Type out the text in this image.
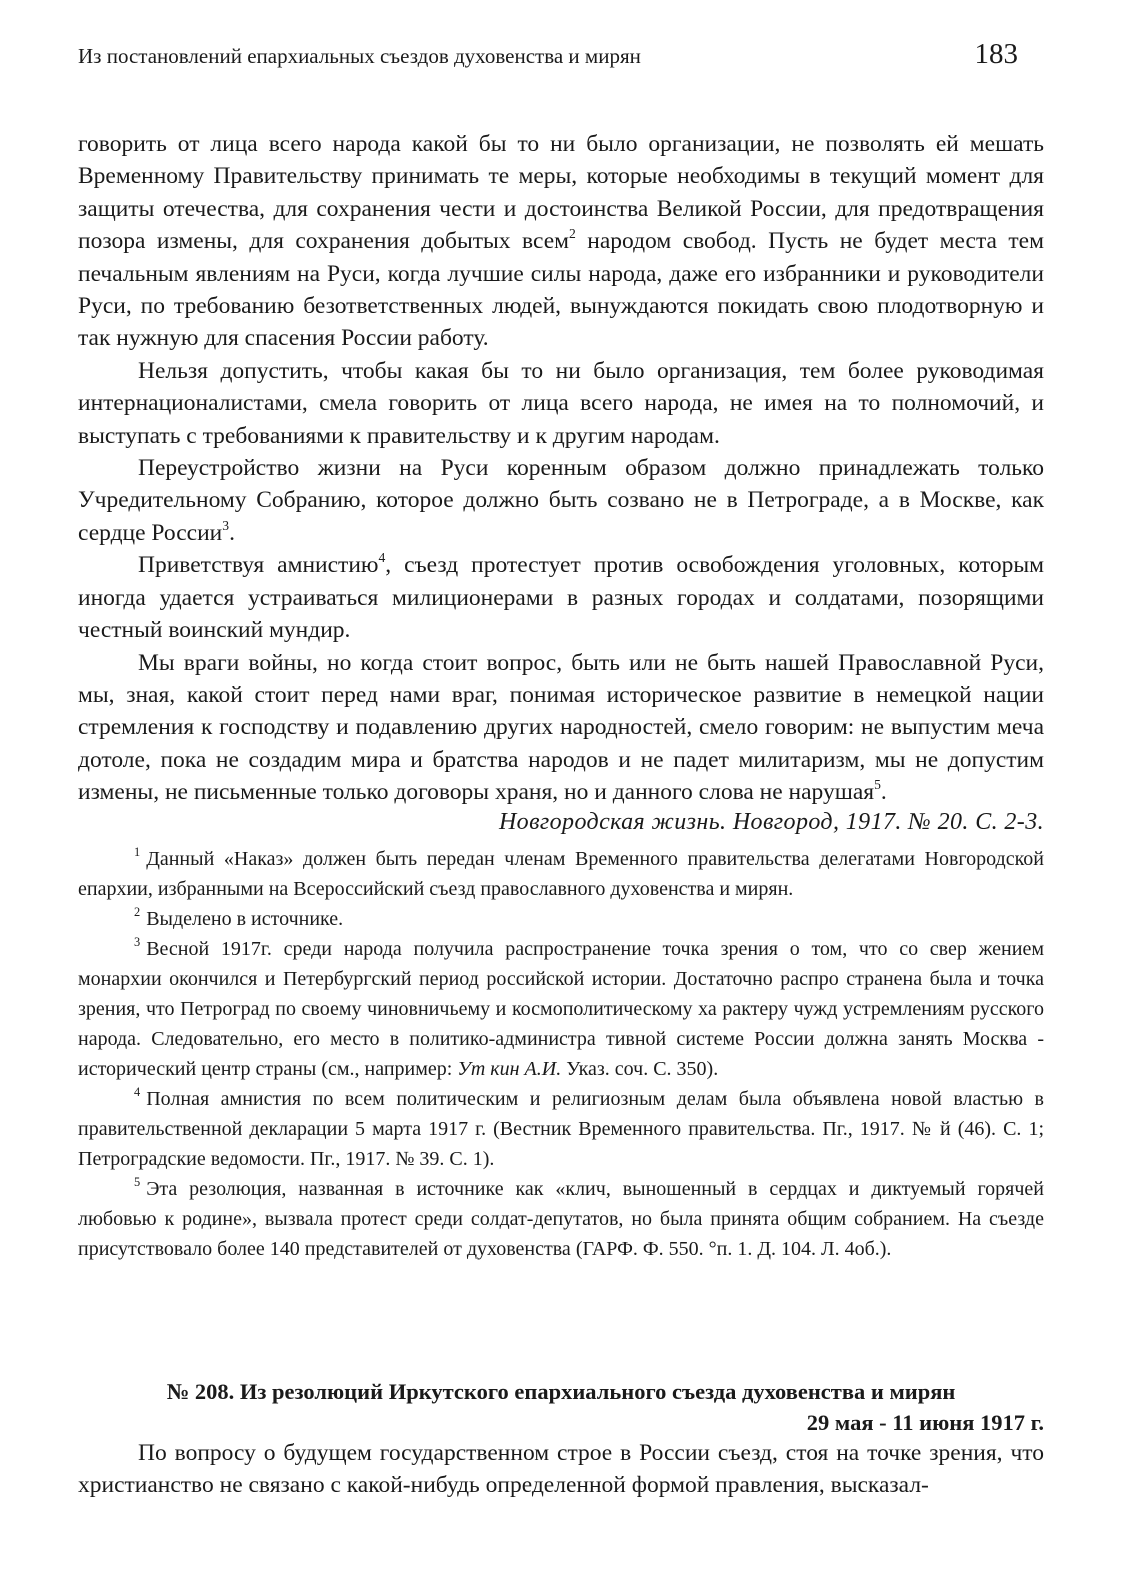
Из постановлений епархиальных съездов духовенства и мирян	183

говорить от лица всего народа какой бы то ни было организации, не позволять ей мешать Временному Правительству принимать те меры, которые необходимы в текущий момент для защиты отечества, для сохранения чести и достоинства Великой России, для предотвращения позора измены, для сохранения добытых всем$^2$ народом свобод. Пусть не будет места тем печальным явлениям на Руси, когда лучшие силы народа, даже его избранники и руководители Руси, по требованию безответственных людей, вынуждаются покидать свою плодотворную и так нужную для спасения России работу.

Нельзя допустить, чтобы какая бы то ни было организация, тем более руководимая интернационалистами, смела говорить от лица всего народа, не имея на то полномочий, и выступать с требованиями к правительству и к другим народам.

Переустройство жизни на Руси коренным образом должно принадлежать только Учредительному Собранию, которое должно быть созвано не в Петрограде, а в Москве, как сердце России$^3$.

Приветствуя амнистию$^4$, съезд протестует против освобождения уголовных, которым иногда удается устраиваться милиционерами в разных городах и солдатами, позорящими честный воинский мундир.

Мы враги войны, но когда стоит вопрос, быть или не быть нашей Православной Руси, мы, зная, какой стоит перед нами враг, понимая историческое развитие в немецкой нации стремления к господству и подавлению других народностей, смело говорим: не выпустим меча дотоле, пока не создадим мира и братства народов и не падет милитаризм, мы не допустим измены, не письменные только договоры храня, но и данного слова не нарушая$^5$.

Новгородская жизнь. Новгород, 1917. № 20. С. 2-3.

$^1$ Данный «Наказ» должен быть передан членам Временного правительства делегатами Новгородской епархии, избранными на Всероссийский съезд православного духовенства и мирян.

$^2$ Выделено в источнике.

$^3$ Весной 1917г. среди народа получила распространение точка зрения о том, что со свер жением монархии окончился и Петербургский период российской истории. Достаточно распро странена была и точка зрения, что Петроград по своему чиновничьему и космополитическому ха рактеру чужд устремлениям русского народа. Следовательно, его место в политико-администра тивной системе России должна занять Москва - исторический центр страны (см., например: Ут кин А.И. Указ. соч. С. 350).

$^4$ Полная амнистия по всем политическим и религиозным делам была объявлена новой властью в правительственной декларации 5 марта 1917 г. (Вестник Временного правительства. Пг., 1917. № й (46). С. 1; Петроградские ведомости. Пг., 1917. № 39. С. 1).

$^5$ Эта резолюция, названная в источнике как «клич, выношенный в сердцах и диктуемый горячей любовью к родине», вызвала протест среди солдат-депутатов, но была принята общим собранием. На съезде присутствовало более 140 представителей от духовенства (ГАРФ. Ф. 550. °п. 1. Д. 104. Л. 4об.).

№ 208. Из резолюций Иркутского епархиального съезда духовенства и мирян
29 мая - 11 июня 1917 г.

По вопросу о будущем государственном строе в России съезд, стоя на точке зрения, что христианство не связано с какой-нибудь определенной формой правления, высказал-
